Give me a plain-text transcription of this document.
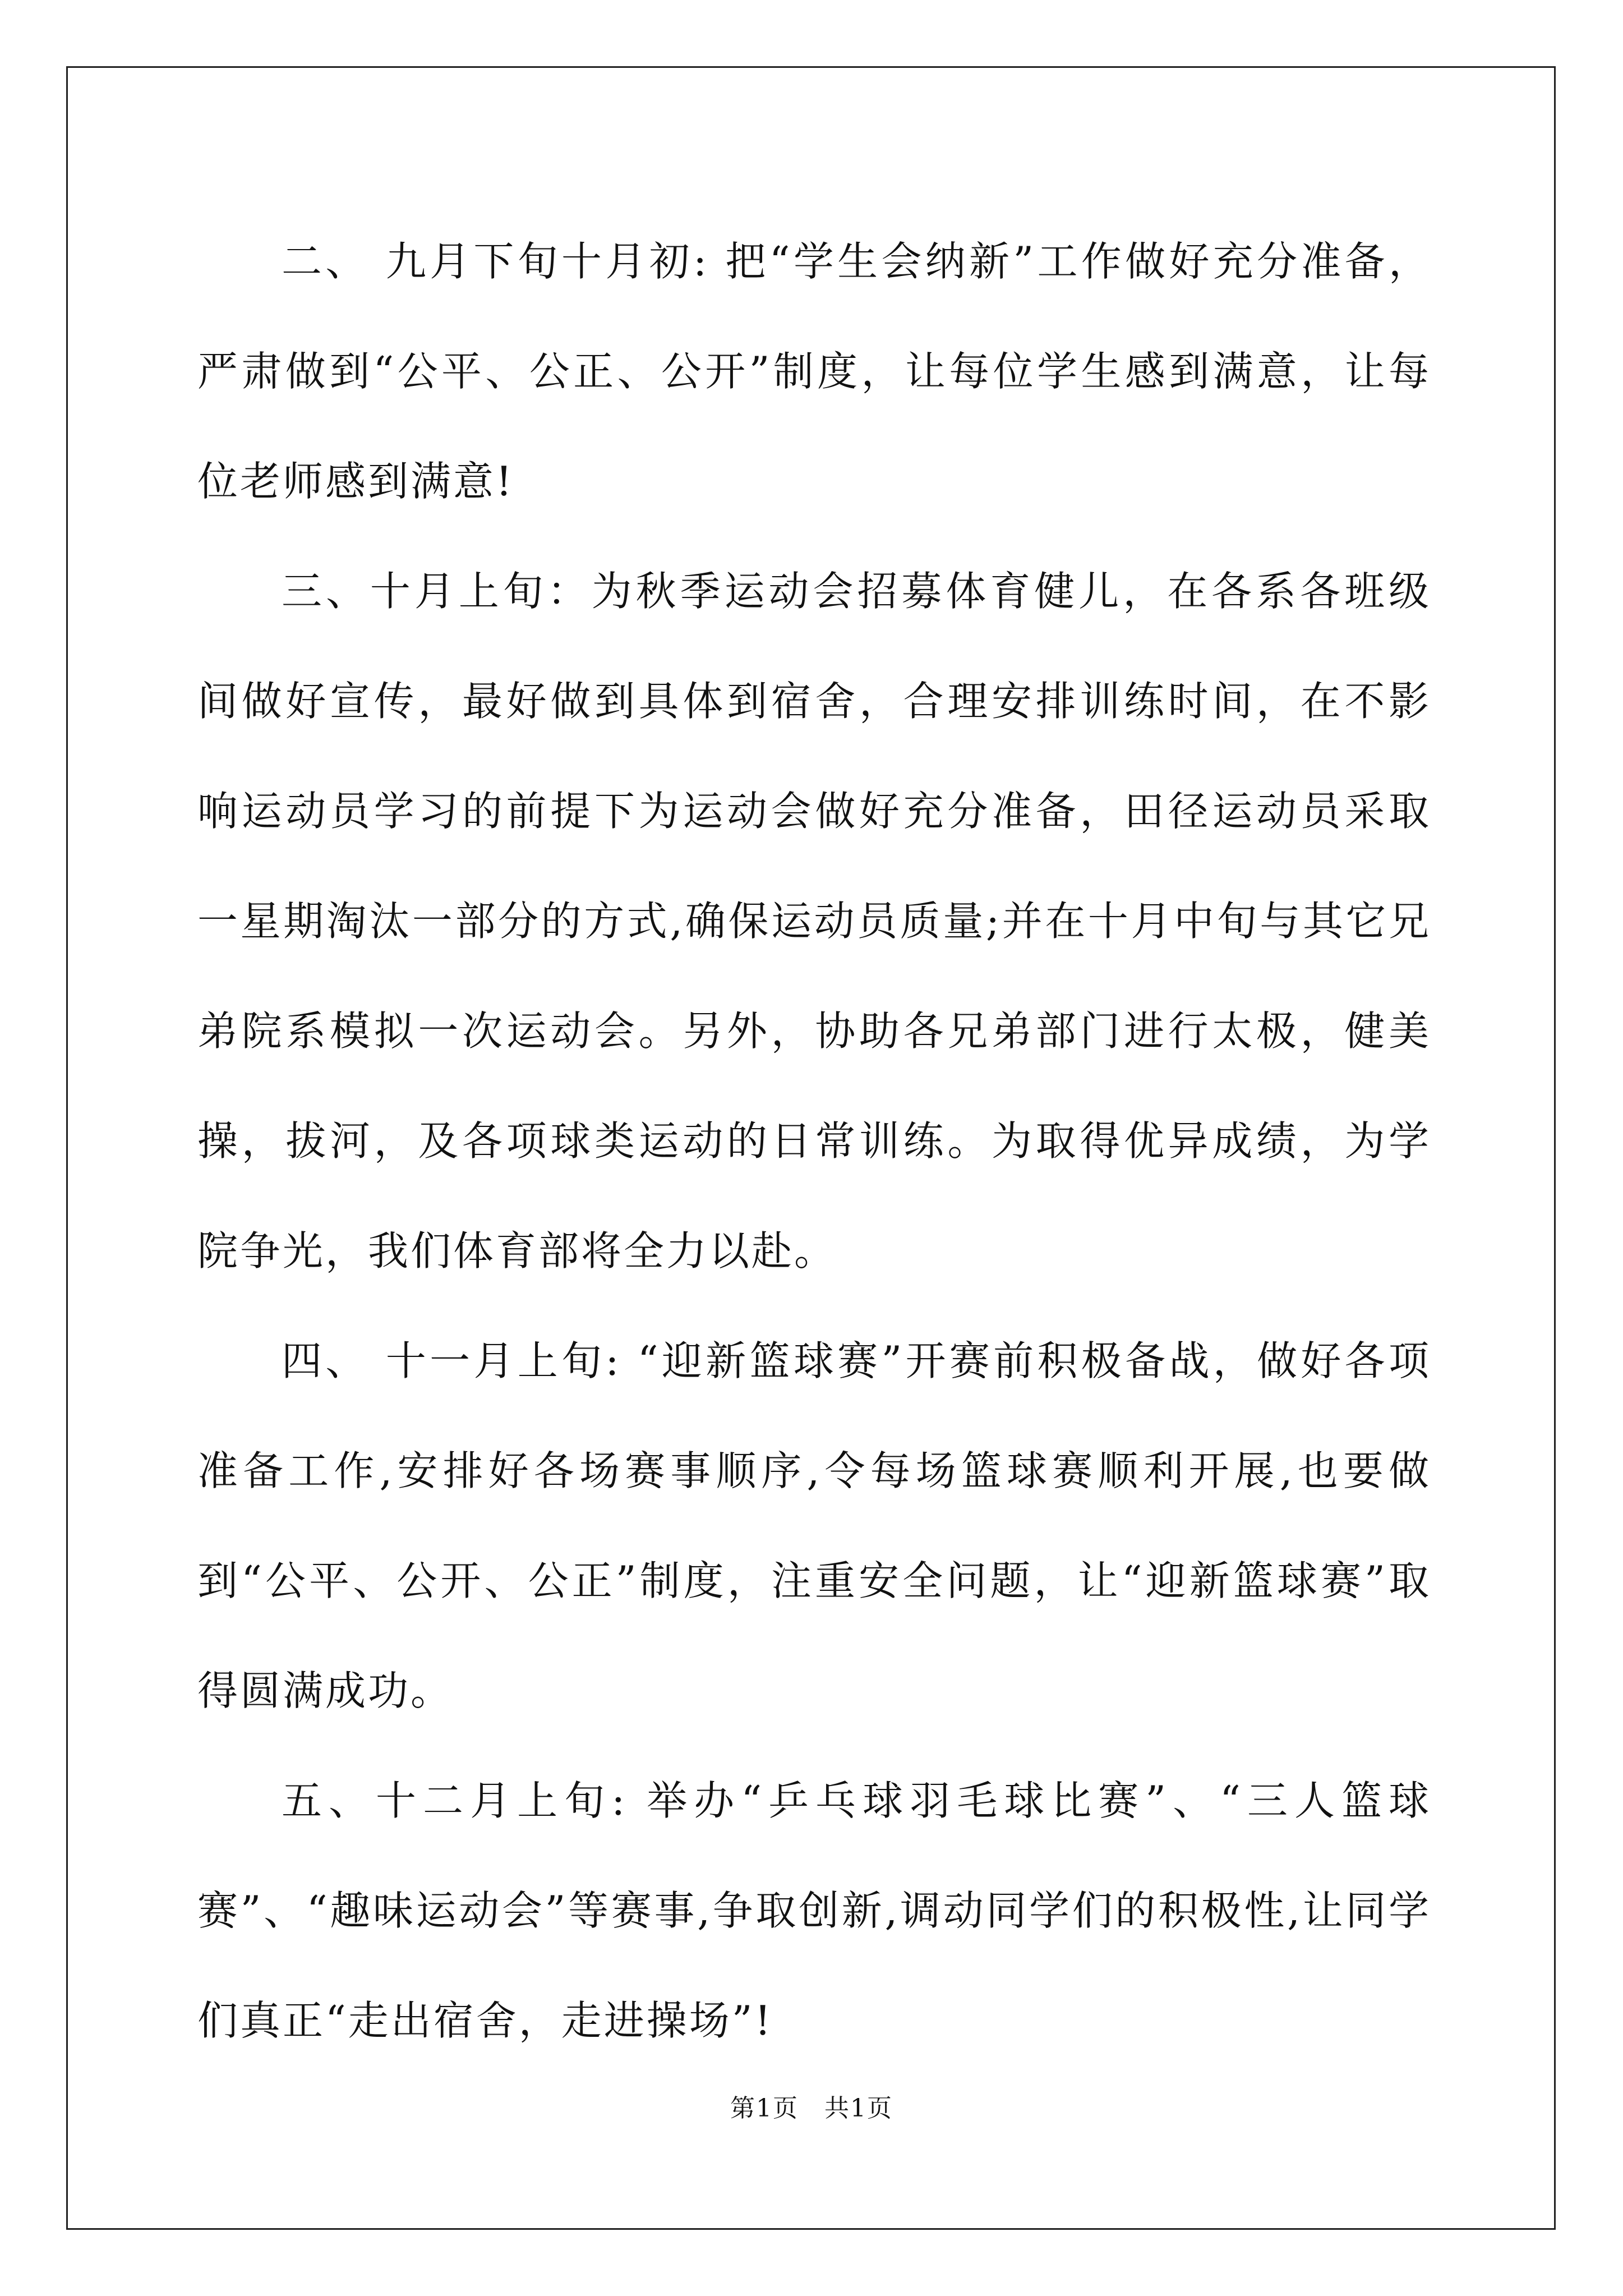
二、 九月下旬十月初: 把“学生会纳新”工作做好充分准备，严肃做到“公平、公正、公开”制度，让每位学生感到满意，让每位老师感到满意!

三、十月上旬：为秋季运动会招募体育健儿，在各系各班级间做好宣传，最好做到具体到宿舍，合理安排训练时间，在不影响运动员学习的前提下为运动会做好充分准备，田径运动员采取一星期淘汰一部分的方式,确保运动员质量;并在十月中旬与其它兄弟院系模拟一次运动会。另外，协助各兄弟部门进行太极，健美操，拔河，及各项球类运动的日常训练。为取得优异成绩，为学院争光，我们体育部将全力以赴。

四、 十一月上旬: “迎新篮球赛”开赛前积极备战，做好各项准备工作,安排好各场赛事顺序,令每场篮球赛顺利开展,也要做到“公平、公开、公正”制度，注重安全问题，让“迎新篮球赛”取得圆满成功。

五、十二月上旬: 举办“乒乓球羽毛球比赛”、“三人篮球赛”、“趣味运动会”等赛事,争取创新,调动同学们的积极性,让同学们真正“走出宿舍，走进操场”!

第1页　共1页
